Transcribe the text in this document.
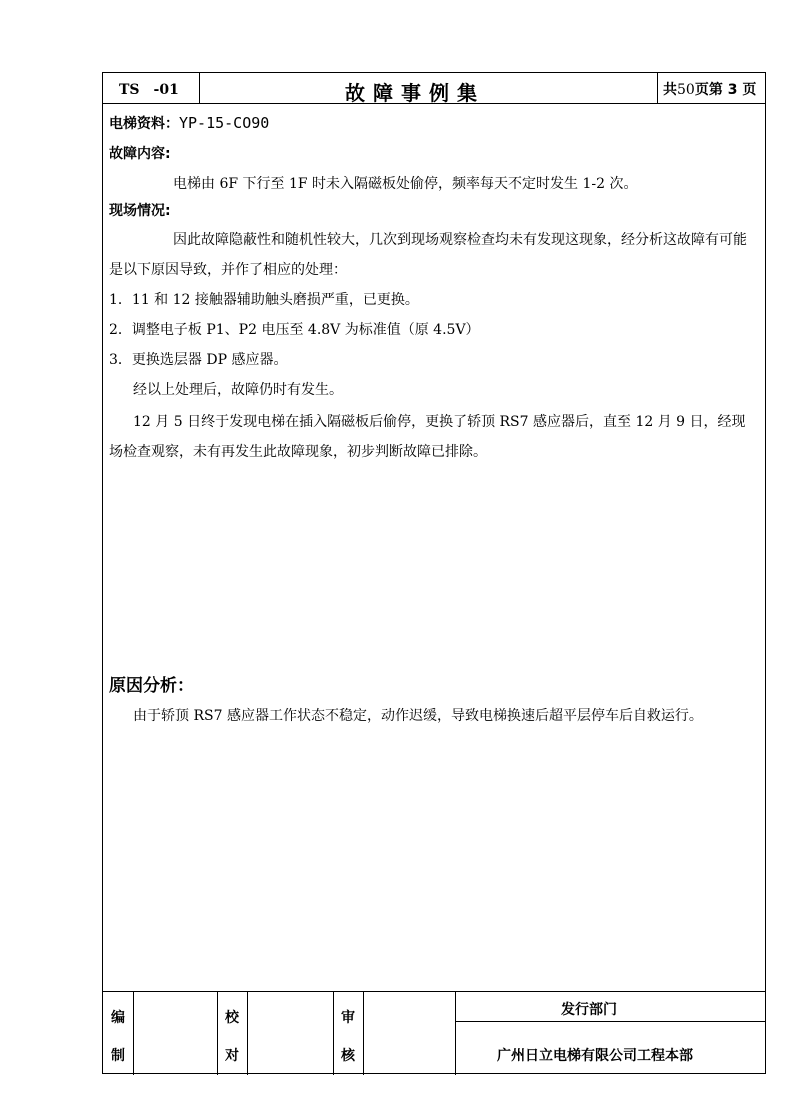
TS　-01	故障事例集	共50页第 3 页
电梯资料：YP-15-CO90
故障内容:
电梯由 6F 下行至 1F 时未入隔磁板处偷停，频率每天不定时发生 1-2 次。
现场情况:
因此故障隐蔽性和随机性较大，几次到现场观察检查均未有发现这现象，经分析这故障有可能是以下原因导致，并作了相应的处理：
1．11 和 12 接触器辅助触头磨损严重，已更换。
2．调整电子板 P1、P2 电压至 4.8V 为标准值（原 4.5V）
3．更换选层器 DP 感应器。
经以上处理后，故障仍时有发生。
12 月 5 日终于发现电梯在插入隔磁板后偷停，更换了轿顶 RS7 感应器后，直至 12 月 9 日，经现场检查观察，未有再发生此故障现象，初步判断故障已排除。
原因分析：
由于轿顶 RS7 感应器工作状态不稳定，动作迟缓，导致电梯换速后超平层停车后自救运行。
编
制
校
对
审
核
发行部门
广州日立电梯有限公司工程本部
